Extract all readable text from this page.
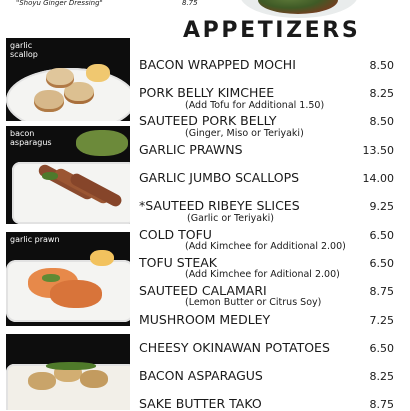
"Shoyu Ginger Dressing"	8.75
APPETIZERS
garlic
scallop
bacon
asparagus
garlic prawn
BACON WRAPPED MOCHI	8.50
PORK BELLY KIMCHEE	8.25
(Add Tofu for Additional 1.50)
SAUTEED PORK BELLY	8.50
(Ginger, Miso or Teriyaki)
GARLIC PRAWNS	13.50
GARLIC JUMBO SCALLOPS	14.00
*SAUTEED RIBEYE SLICES	9.25
(Garlic or Teriyaki)
COLD TOFU	6.50
(Add Kimchee for Additional 2.00)
TOFU STEAK	6.50
(Add Kimchee for Aditional 2.00)
SAUTEED CALAMARI	8.75
(Lemon Butter or Citrus Soy)
MUSHROOM MEDLEY	7.25
CHEESY OKINAWAN POTATOES	6.50
BACON ASPARAGUS	8.25
SAKE BUTTER TAKO	8.75
